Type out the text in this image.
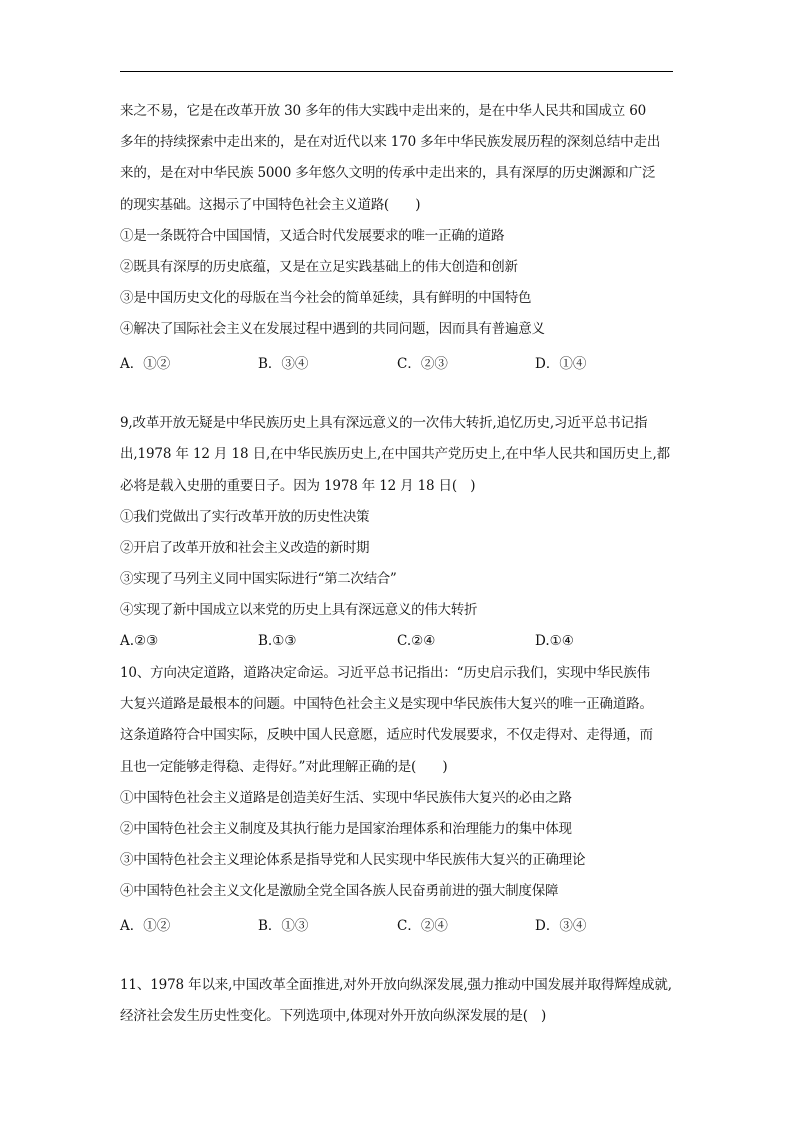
来之不易，它是在改革开放 30 多年的伟大实践中走出来的，是在中华人民共和国成立 60
多年的持续探索中走出来的，是在对近代以来 170 多年中华民族发展历程的深刻总结中走出
来的，是在对中华民族 5000 多年悠久文明的传承中走出来的，具有深厚的历史渊源和广泛
的现实基础。这揭示了中国特色社会主义道路(　　)
①是一条既符合中国国情，又适合时代发展要求的唯一正确的道路
②既具有深厚的历史底蕴，又是在立足实践基础上的伟大创造和创新
③是中国历史文化的母版在当今社会的简单延续，具有鲜明的中国特色
④解决了国际社会主义在发展过程中遇到的共同问题，因而具有普遍意义
A．①②	B．③④	C．②③	D．①④
9,改革开放无疑是中华民族历史上具有深远意义的一次伟大转折,追忆历史,习近平总书记指
出,1978 年 12 月 18 日,在中华民族历史上,在中国共产党历史上,在中华人民共和国历史上,都
必将是载入史册的重要日子。因为 1978 年 12 月 18 日(　)
①我们党做出了实行改革开放的历史性决策
②开启了改革开放和社会主义改造的新时期
③实现了马列主义同中国实际进行“第二次结合”
④实现了新中国成立以来党的历史上具有深远意义的伟大转折
A.②③	B.①③	C.②④	D.①④
10、方向决定道路，道路决定命运。习近平总书记指出：“历史启示我们，实现中华民族伟
大复兴道路是最根本的问题。中国特色社会主义是实现中华民族伟大复兴的唯一正确道路。
这条道路符合中国实际，反映中国人民意愿，适应时代发展要求，不仅走得对、走得通，而
且也一定能够走得稳、走得好。”对此理解正确的是(　　)
①中国特色社会主义道路是创造美好生活、实现中华民族伟大复兴的必由之路
②中国特色社会主义制度及其执行能力是国家治理体系和治理能力的集中体现
③中国特色社会主义理论体系是指导党和人民实现中华民族伟大复兴的正确理论
④中国特色社会主义文化是激励全党全国各族人民奋勇前进的强大制度保障
A．①②	B．①③	C．②④	D．③④
11、1978 年以来,中国改革全面推进,对外开放向纵深发展,强力推动中国发展并取得辉煌成就,
经济社会发生历史性变化。下列选项中,体现对外开放向纵深发展的是(　)
